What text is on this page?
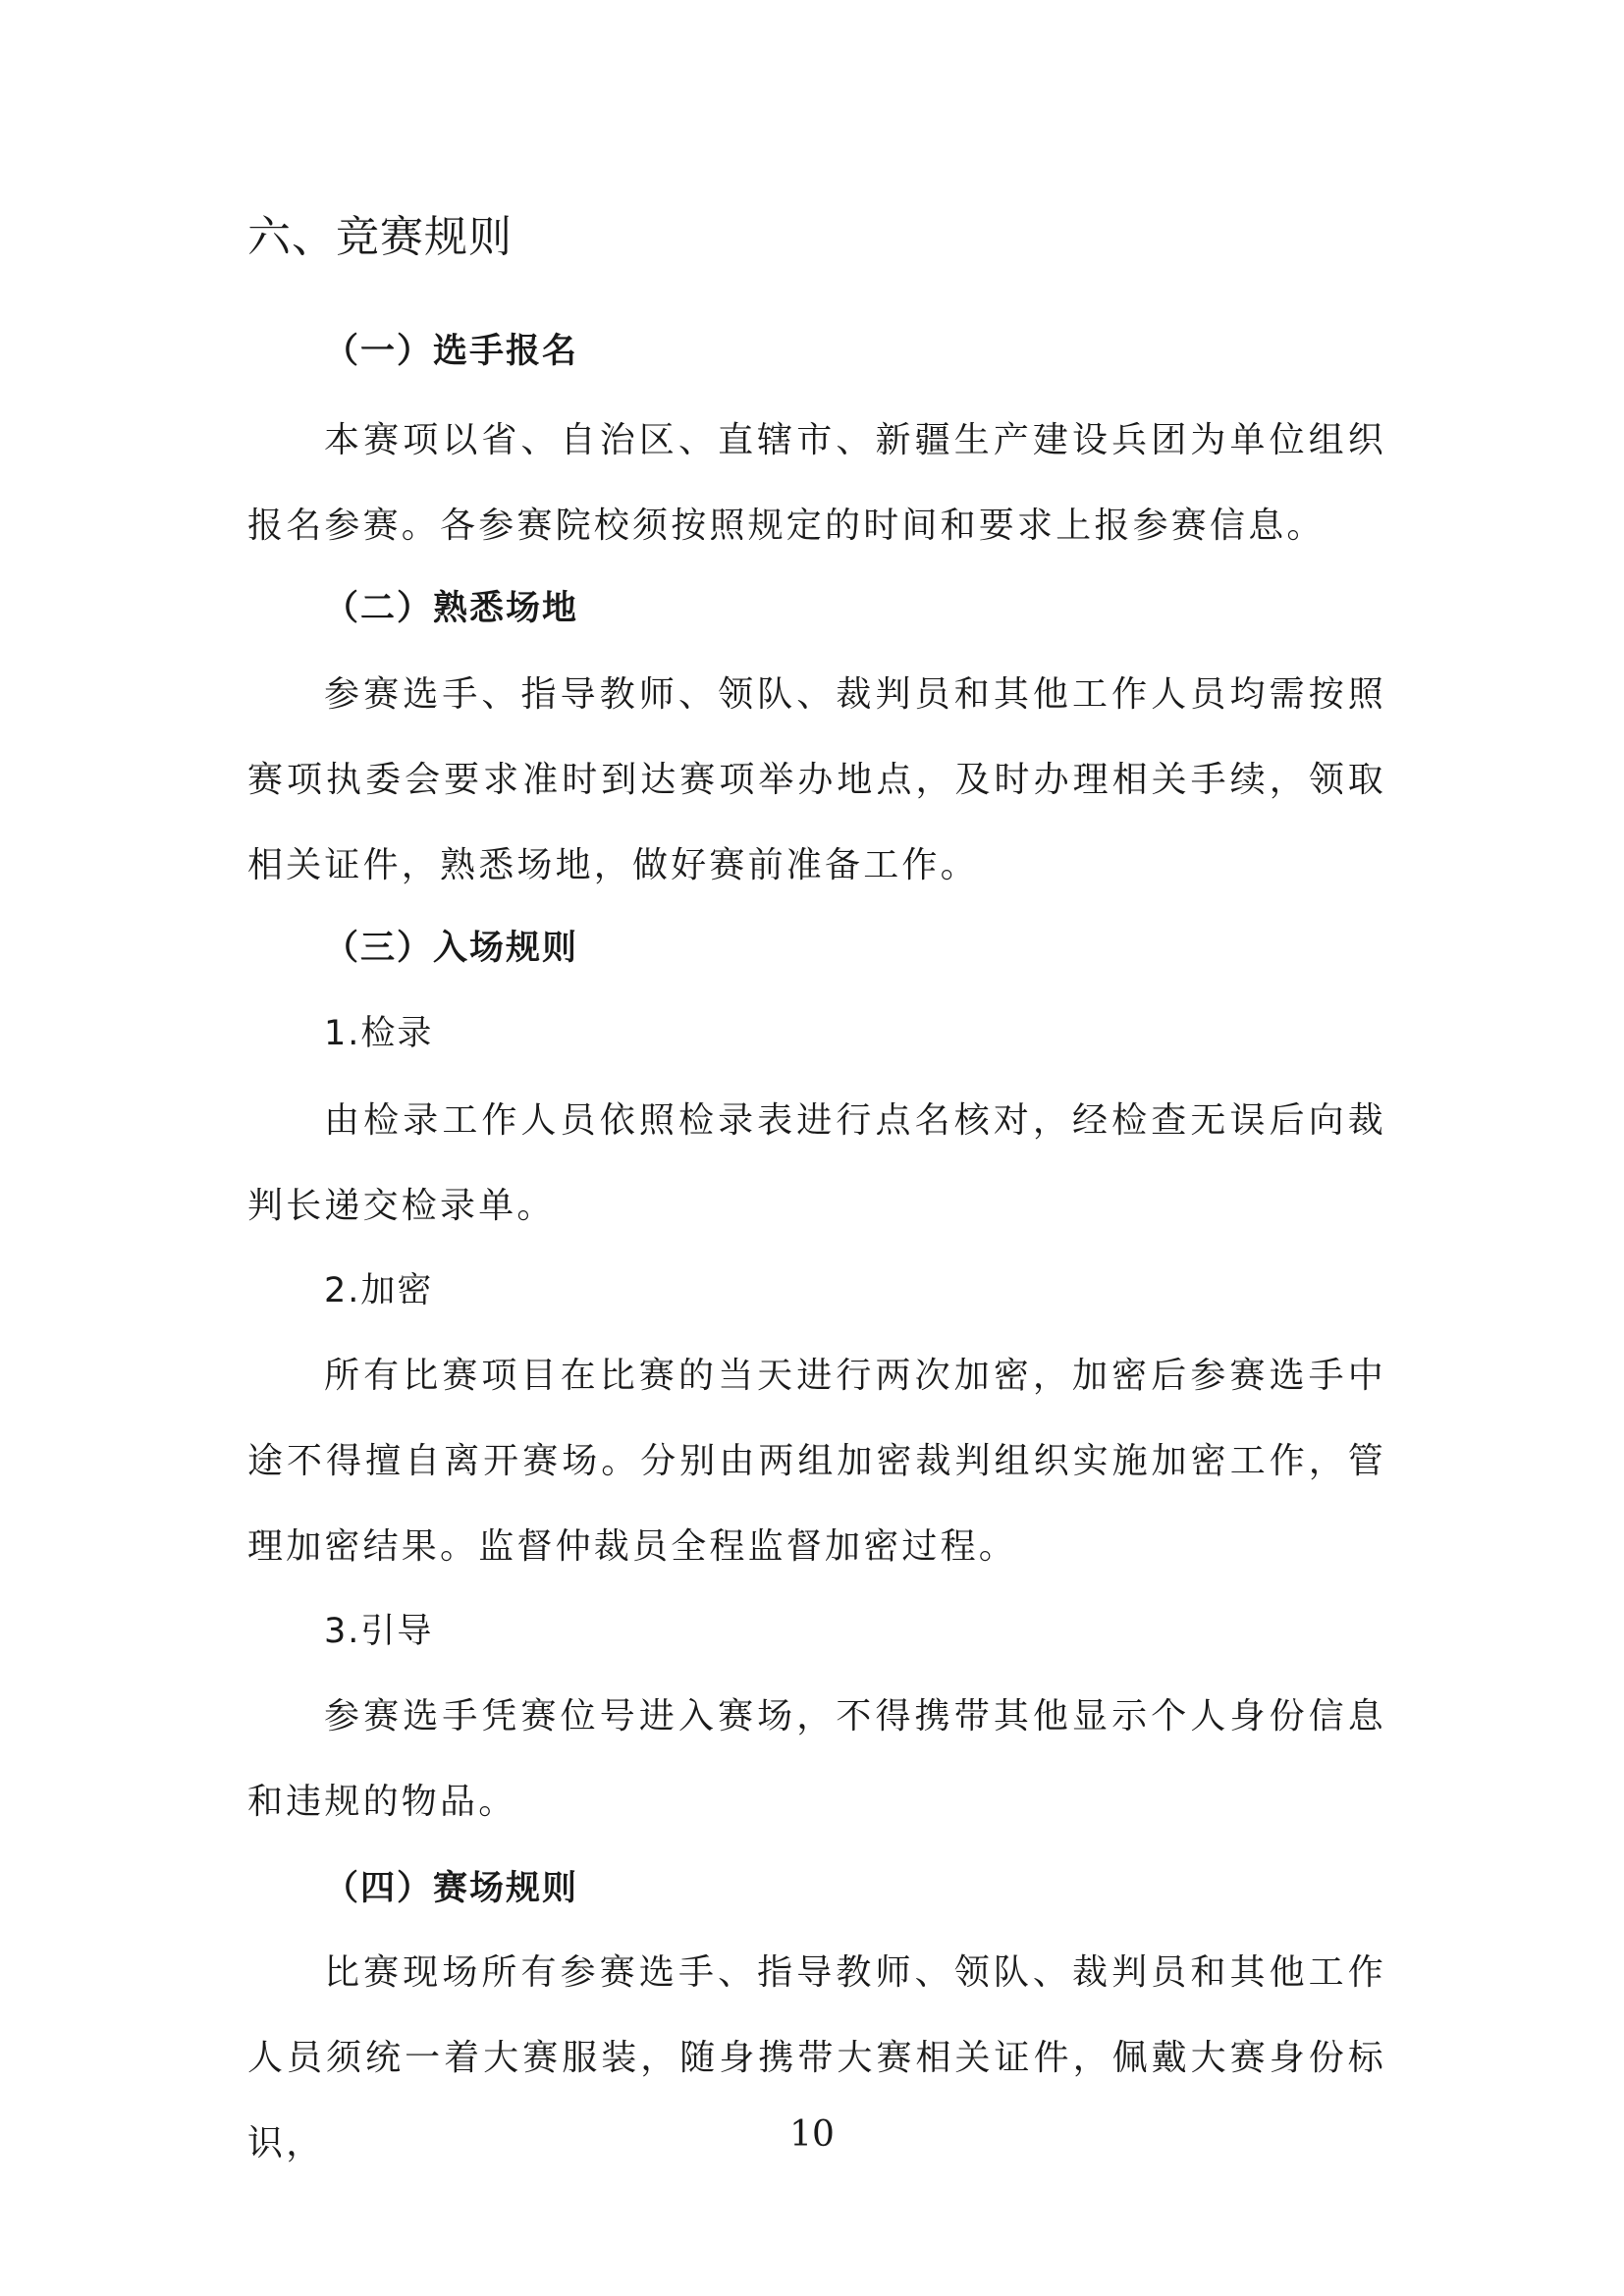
六、竞赛规则
（一）选手报名
本赛项以省、自治区、直辖市、新疆生产建设兵团为单位组织报名参赛。各参赛院校须按照规定的时间和要求上报参赛信息。
（二）熟悉场地
参赛选手、指导教师、领队、裁判员和其他工作人员均需按照赛项执委会要求准时到达赛项举办地点，及时办理相关手续，领取相关证件，熟悉场地，做好赛前准备工作。
（三）入场规则
1.检录
由检录工作人员依照检录表进行点名核对，经检查无误后向裁判长递交检录单。
2.加密
所有比赛项目在比赛的当天进行两次加密，加密后参赛选手中途不得擅自离开赛场。分别由两组加密裁判组织实施加密工作，管理加密结果。监督仲裁员全程监督加密过程。
3.引导
参赛选手凭赛位号进入赛场，不得携带其他显示个人身份信息和违规的物品。
（四）赛场规则
比赛现场所有参赛选手、指导教师、领队、裁判员和其他工作人员须统一着大赛服装，随身携带大赛相关证件，佩戴大赛身份标识，	10
